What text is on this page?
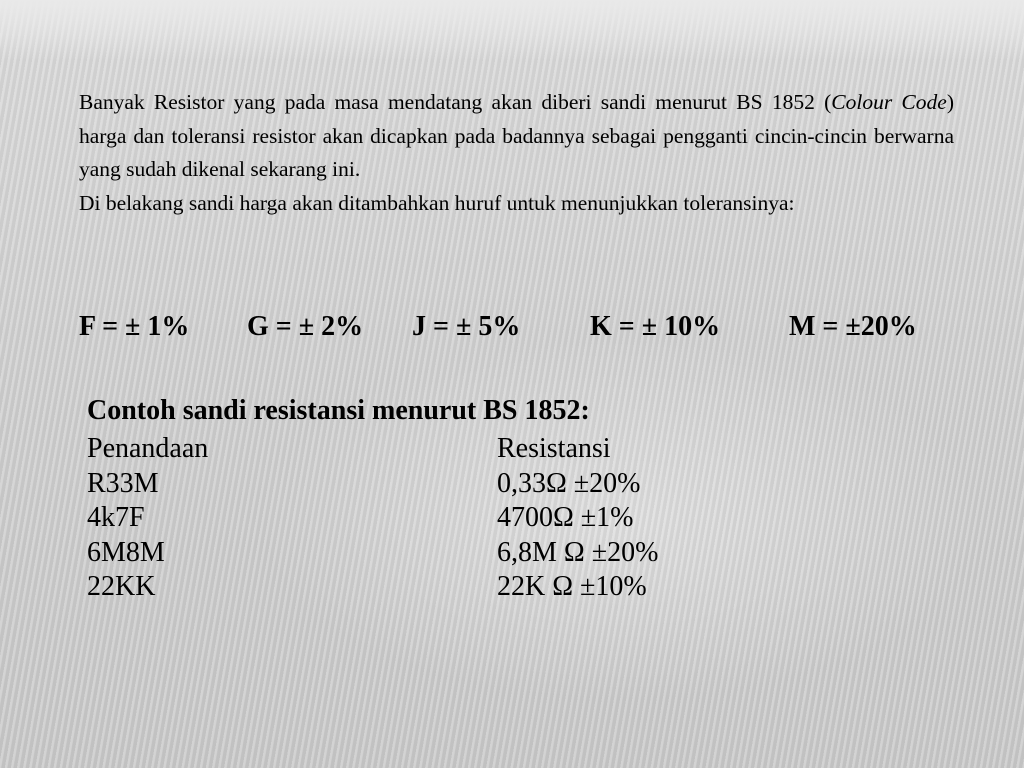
Banyak Resistor yang pada masa mendatang akan diberi sandi menurut BS 1852 (Colour Code) harga dan toleransi resistor akan dicapkan pada badannya sebagai pengganti cincin-cincin berwarna yang sudah dikenal sekarang ini.

Di belakang sandi harga akan ditambahkan huruf untuk menunjukkan toleransinya:

F = ± 1% G = ± 2% J = ± 5% K = ± 10% M = ±20%
Contoh sandi resistansi menurut BS 1852:
Penandaan	Resistansi
R33M	0,33Ω ±20%
4k7F	4700Ω ±1%
6M8M	6,8M Ω ±20%
22KK	22K Ω ±10%
